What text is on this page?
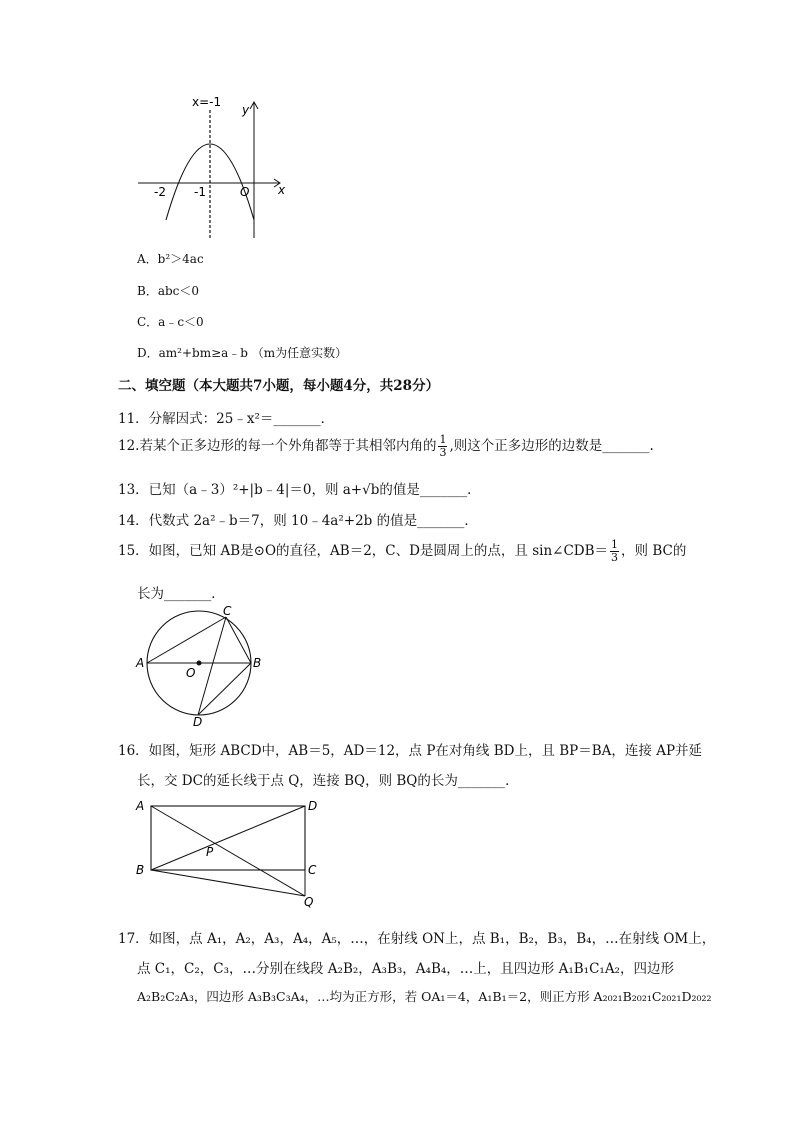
x=-1
y
x
-2 -1	O
A．b²＞4ac
B．abc＜0
C．a﹣c＜0
D．am²+bm≥a﹣b （m为任意实数）
二、填空题（本大题共7小题，每小题4分，共28分）
11．分解因式：25﹣x²＝_______．
12.若某个正多边形的每一个外角都等于其相邻内角的 $\frac{1}{3}$ ,则这个正多边形的边数是_______.
13．已知（a﹣3）²+|b﹣4|＝0，则 a+√b的值是_______．
14．代数式 2a²﹣b＝7，则 10﹣4a²+2b 的值是_______．
15．如图，已知 AB是⊙O的直径，AB＝2，C、D是圆周上的点，且 sin∠CDB＝ $\frac{1}{3}$ ，则 BC的
长为_______．
A	B
C
D
O
16．如图，矩形 ABCD中，AB＝5，AD＝12，点 P在对角线 BD上，且 BP＝BA，连接 AP并延
长，交 DC的延长线于点 Q，连接 BQ，则 BQ的长为_______．
A	D
B	C
P
Q
17．如图，点 A₁，A₂，A₃，A₄，A₅，…，在射线 ON上，点 B₁，B₂，B₃，B₄，…在射线 OM上，
点 C₁，C₂，C₃，…分别在线段 A₂B₂，A₃B₃，A₄B₄，…上，且四边形 A₁B₁C₁A₂，四边形
A₂B₂C₂A₃，四边形 A₃B₃C₃A₄，…均为正方形，若 OA₁＝4，A₁B₁＝2，则正方形 A₂₀₂₁B₂₀₂₁C₂₀₂₁D₂₀₂₂
